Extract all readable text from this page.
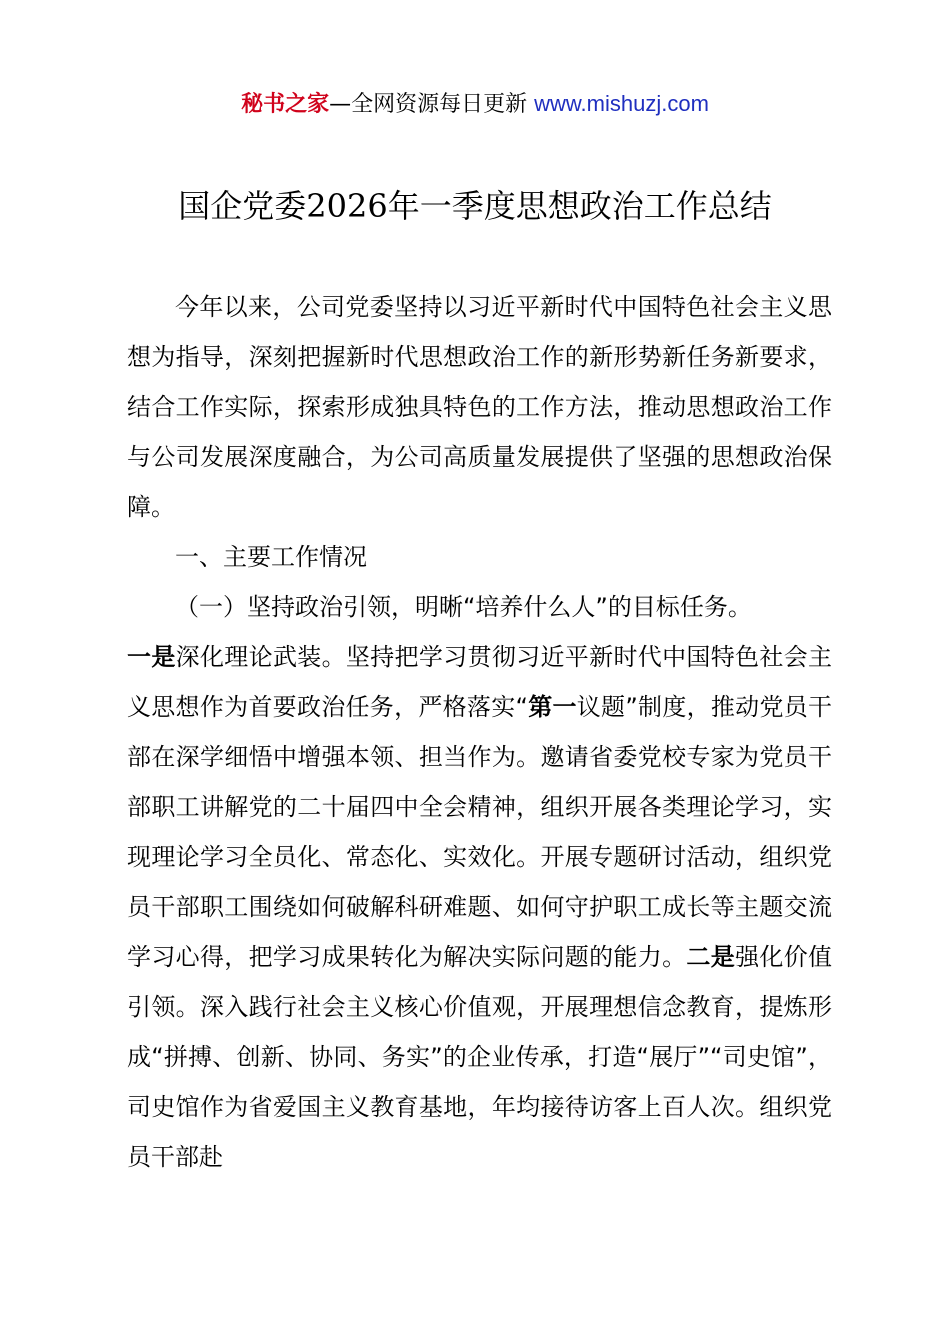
秘书之家—全网资源每日更新 www.mishuzj.com
国企党委2026年一季度思想政治工作总结

今年以来，公司党委坚持以习近平新时代中国特色社会主义思想为指导，深刻把握新时代思想政治工作的新形势新任务新要求，结合工作实际，探索形成独具特色的工作方法，推动思想政治工作与公司发展深度融合，为公司高质量发展提供了坚强的思想政治保障。

一、主要工作情况

（一）坚持政治引领，明晰“培养什么人”的目标任务。

一是深化理论武装。坚持把学习贯彻习近平新时代中国特色社会主义思想作为首要政治任务，严格落实“第一议题”制度，推动党员干部在深学细悟中增强本领、担当作为。邀请省委党校专家为党员干部职工讲解党的二十届四中全会精神，组织开展各类理论学习，实现理论学习全员化、常态化、实效化。开展专题研讨活动，组织党员干部职工围绕如何破解科研难题、如何守护职工成长等主题交流学习心得，把学习成果转化为解决实际问题的能力。二是强化价值引领。深入践行社会主义核心价值观，开展理想信念教育，提炼形成“拼搏、创新、协同、务实”的企业传承，打造“展厅”“司史馆”，司史馆作为省爱国主义教育基地，年均接待访客上百人次。组织党员干部赴
